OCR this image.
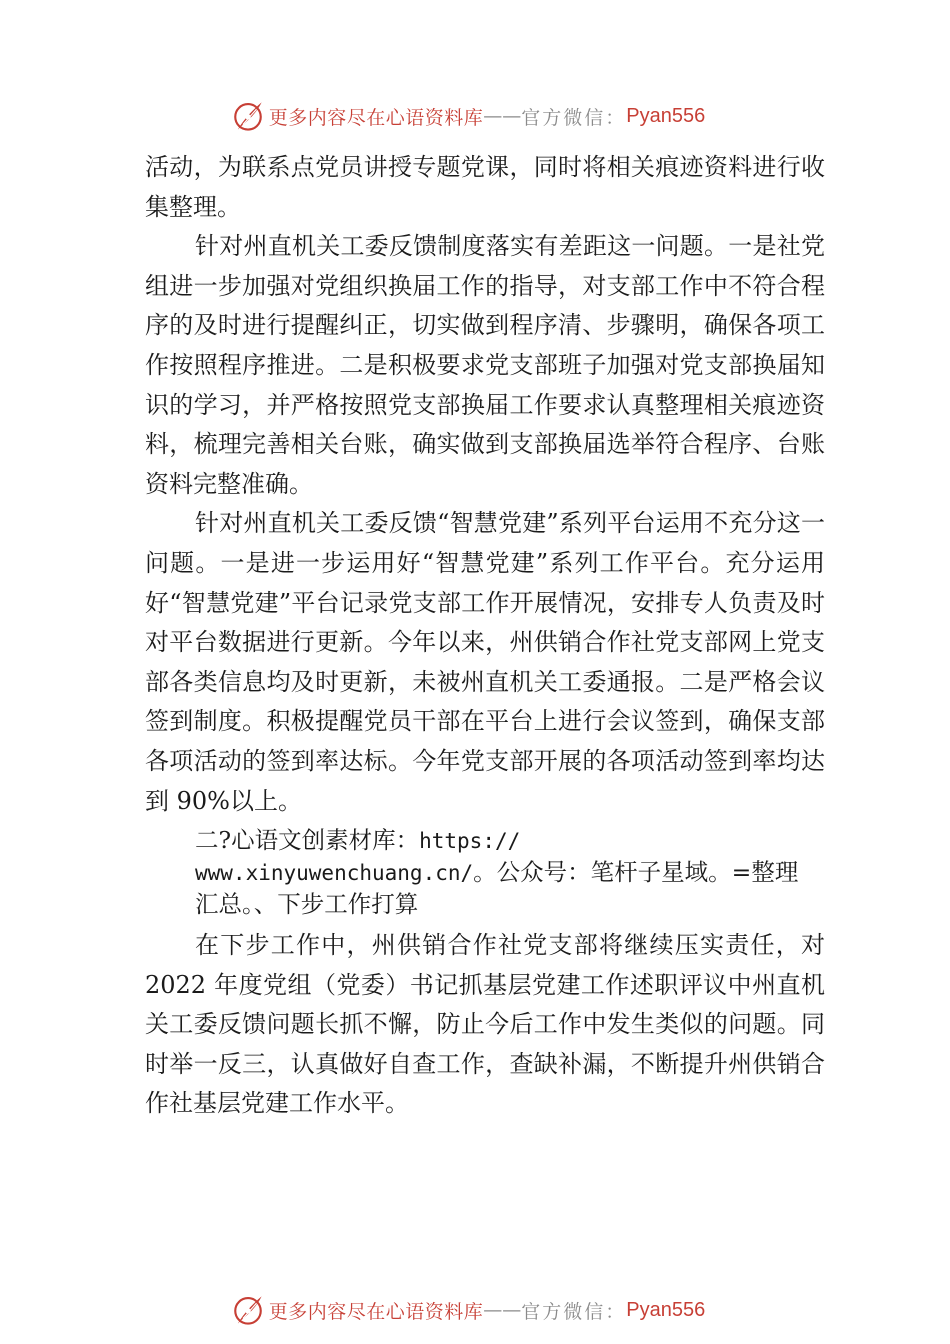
更多内容尽在心语资料库 —— 官方微信： Pyan556

活动，为联系点党员讲授专题党课，同时将相关痕迹资料进行收集整理。

针对州直机关工委反馈制度落实有差距这一问题。一是社党组进一步加强对党组织换届工作的指导，对支部工作中不符合程序的及时进行提醒纠正，切实做到程序清、步骤明，确保各项工作按照程序推进。二是积极要求党支部班子加强对党支部换届知识的学习，并严格按照党支部换届工作要求认真整理相关痕迹资料，梳理完善相关台账，确实做到支部换届选举符合程序、台账资料完整准确。

针对州直机关工委反馈“智慧党建”系列平台运用不充分这一问题。一是进一步运用好“智慧党建”系列工作平台。充分运用好“智慧党建”平台记录党支部工作开展情况，安排专人负责及时对平台数据进行更新。今年以来，州供销合作社党支部网上党支部各类信息均及时更新，未被州直机关工委通报。二是严格会议签到制度。积极提醒党员干部在平台上进行会议签到，确保支部各项活动的签到率达标。今年党支部开展的各项活动签到率均达到 90%以上。

二?心语文创素材库：https://
www.xinyuwenchuang.cn/。公众号：笔杆子星域。=整理
汇总。、下步工作打算

在下步工作中，州供销合作社党支部将继续压实责任，对 2022 年度党组（党委）书记抓基层党建工作述职评议中州直机关工委反馈问题长抓不懈，防止今后工作中发生类似的问题。同时举一反三，认真做好自查工作，查缺补漏，不断提升州供销合作社基层党建工作水平。

更多内容尽在心语资料库 —— 官方微信： Pyan556
